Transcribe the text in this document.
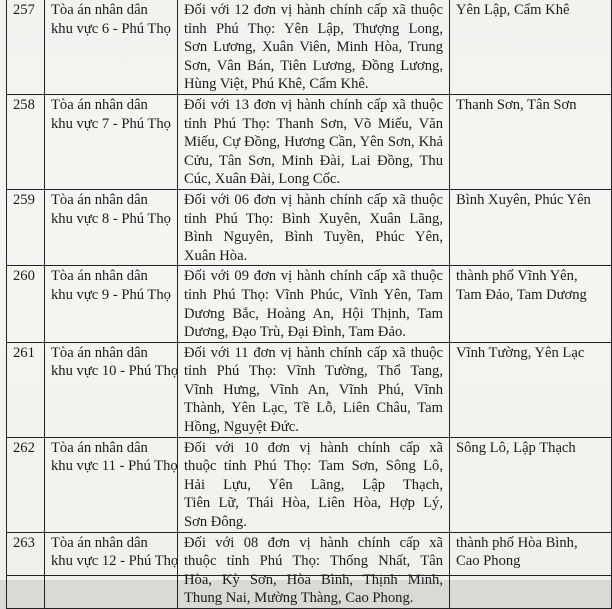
257	Tòa án nhân dân
khu vực 6 - Phú Thọ	Đối với 12 đơn vị hành chính cấp xã thuộc
tỉnh Phú Thọ: Yên Lập, Thượng Long,
Sơn Lương, Xuân Viên, Minh Hòa, Trung
Sơn, Vân Bán, Tiên Lương, Đồng Lương,
Hùng Việt, Phú Khê, Cẩm Khê.	Yên Lập, Cẩm Khê

258	Tòa án nhân dân
khu vực 7 - Phú Thọ	Đối với 13 đơn vị hành chính cấp xã thuộc
tỉnh Phú Thọ: Thanh Sơn, Võ Miếu, Văn
Miếu, Cự Đồng, Hương Cần, Yên Sơn, Khả
Cửu, Tân Sơn, Minh Đài, Lai Đồng, Thu
Cúc, Xuân Đài, Long Cốc.	Thanh Sơn, Tân Sơn

259	Tòa án nhân dân
khu vực 8 - Phú Thọ	Đối với 06 đơn vị hành chính cấp xã thuộc
tỉnh Phú Thọ: Bình Xuyên, Xuân Lãng,
Bình Nguyên, Bình Tuyền, Phúc Yên,
Xuân Hòa.	Bình Xuyên, Phúc Yên

260	Tòa án nhân dân
khu vực 9 - Phú Thọ	Đối với 09 đơn vị hành chính cấp xã thuộc
tỉnh Phú Thọ: Vĩnh Phúc, Vĩnh Yên, Tam
Dương Bắc, Hoàng An, Hội Thịnh, Tam
Dương, Đạo Trù, Đại Đình, Tam Đảo.	thành phố Vĩnh Yên,
Tam Đảo, Tam Dương

261	Tòa án nhân dân
khu vực 10 - Phú Thọ	Đối với 11 đơn vị hành chính cấp xã thuộc
tỉnh Phú Thọ: Vĩnh Tường, Thổ Tang,
Vĩnh Hưng, Vĩnh An, Vĩnh Phú, Vĩnh
Thành, Yên Lạc, Tề Lỗ, Liên Châu, Tam
Hồng, Nguyệt Đức.	Vĩnh Tường, Yên Lạc

262	Tòa án nhân dân
khu vực 11 - Phú Thọ	Đối với 10 đơn vị hành chính cấp xã
thuộc tỉnh Phú Thọ: Tam Sơn, Sông Lô,
Hải Lựu, Yên Lãng, Lập Thạch,
Tiên Lữ, Thái Hòa, Liên Hòa, Hợp Lý,
Sơn Đông.	Sông Lô, Lập Thạch

263	Tòa án nhân dân
khu vực 12 - Phú Thọ	Đối với 08 đơn vị hành chính cấp xã
thuộc tỉnh Phú Thọ: Thống Nhất, Tân
Hòa, Kỳ Sơn, Hòa Bình, Thịnh Minh,
Thung Nai, Mường Thàng, Cao Phong.	thành phố Hòa Bình,
Cao Phong
